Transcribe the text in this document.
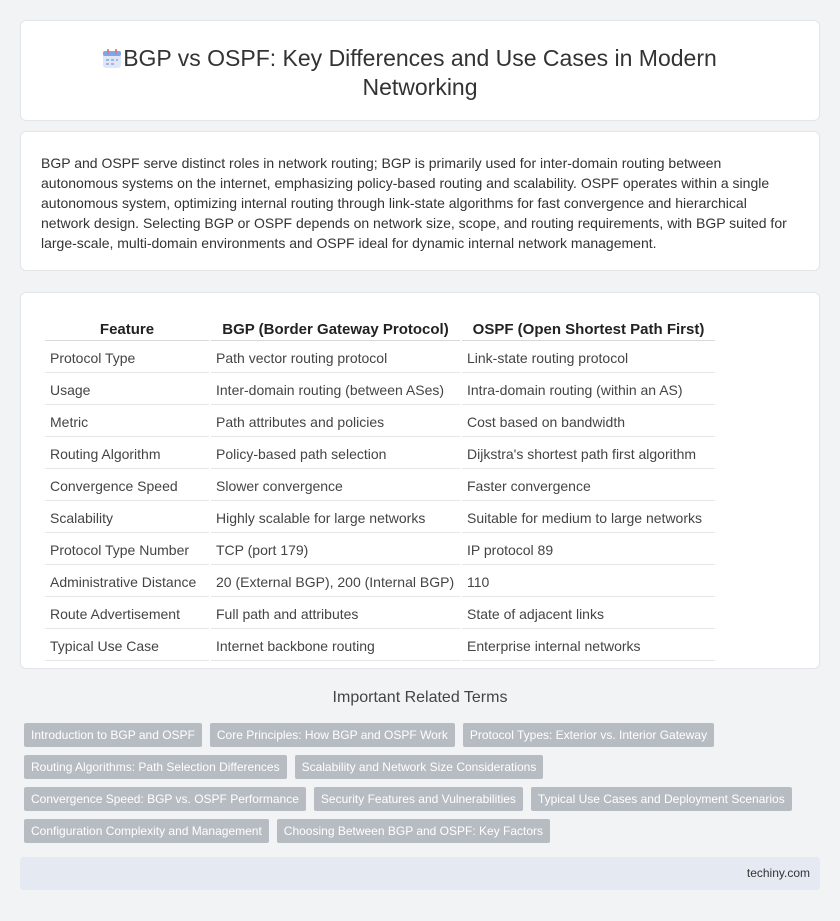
BGP vs OSPF: Key Differences and Use Cases in Modern Networking
BGP and OSPF serve distinct roles in network routing; BGP is primarily used for inter-domain routing between autonomous systems on the internet, emphasizing policy-based routing and scalability. OSPF operates within a single autonomous system, optimizing internal routing through link-state algorithms for fast convergence and hierarchical network design. Selecting BGP or OSPF depends on network size, scope, and routing requirements, with BGP suited for large-scale, multi-domain environments and OSPF ideal for dynamic internal network management.
Feature	BGP (Border Gateway Protocol)	OSPF (Open Shortest Path First)
Protocol Type	Path vector routing protocol	Link-state routing protocol
Usage	Inter-domain routing (between ASes)	Intra-domain routing (within an AS)
Metric	Path attributes and policies	Cost based on bandwidth
Routing Algorithm	Policy-based path selection	Dijkstra's shortest path first algorithm
Convergence Speed	Slower convergence	Faster convergence
Scalability	Highly scalable for large networks	Suitable for medium to large networks
Protocol Type Number	TCP (port 179)	IP protocol 89
Administrative Distance	20 (External BGP), 200 (Internal BGP)	110
Route Advertisement	Full path and attributes	State of adjacent links
Typical Use Case	Internet backbone routing	Enterprise internal networks
Important Related Terms
Introduction to BGP and OSPF	Core Principles: How BGP and OSPF Work	Protocol Types: Exterior vs. Interior Gateway
Routing Algorithms: Path Selection Differences	Scalability and Network Size Considerations
Convergence Speed: BGP vs. OSPF Performance	Security Features and Vulnerabilities	Typical Use Cases and Deployment Scenarios
Configuration Complexity and Management	Choosing Between BGP and OSPF: Key Factors
techiny.com
